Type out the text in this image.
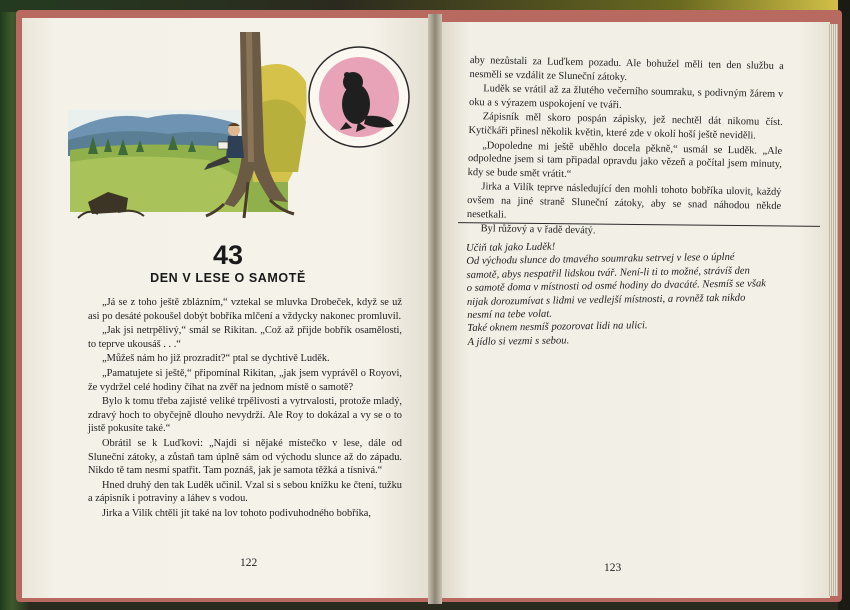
43
DEN V LESE O SAMOTĚ

„Já se z toho ještě zblázním,“ vztekal se mluvka Drobeček, když se už asi po desáté pokoušel dobýt bobříka mlčení a vždycky nakonec promluvil.

„Jak jsi netrpělivý,“ smál se Rikitan. „Což až přijde bobřík osamělosti, to teprve ukousáš . . .“

„Můžeš nám ho již prozradit?“ ptal se dychtivě Luděk.

„Pamatujete si ještě,“ připomínal Rikitan, „jak jsem vyprávěl o Royovi, že vydržel celé hodiny číhat na zvěř na jednom místě o samotě?

Bylo k tomu třeba zajisté veliké trpělivosti a vytrvalosti, protože mladý, zdravý hoch to obyčejně dlouho nevydrží. Ale Roy to dokázal a vy se o to jistě pokusíte také.“

Obrátil se k Luďkovi: „Najdi si nějaké místečko v lese, dále od Sluneční zátoky, a zůstaň tam úplně sám od východu slunce až do západu. Nikdo tě tam nesmí spatřit. Tam poznáš, jak je samota těžká a tísnivá.“

Hned druhý den tak Luděk učinil. Vzal si s sebou knížku ke čtení, tužku a zápisník i potraviny a láhev s vodou.

Jirka a Vilík chtěli jít také na lov tohoto podivuhodného bobříka,

122

aby nezůstali za Luďkem pozadu. Ale bohužel měli ten den službu a nesměli se vzdálit ze Sluneční zátoky.

Luděk se vrátil až za žlutého večerního soumraku, s podivným žárem v oku a s výrazem uspokojení ve tváři.

Zápisník měl skoro pospán zápisky, jež nechtěl dát nikomu číst. Kytičkáři přinesl několik květin, které zde v okolí hoší ještě neviděli.

„Dopoledne mi ještě uběhlo docela pěkně,“ usmál se Luděk. „Ale odpoledne jsem si tam připadal opravdu jako vězeň a počítal jsem minuty, kdy se bude smět vrátit.“

Jirka a Vilík teprve následující den mohli tohoto bobříka ulovit, každý ovšem na jiné straně Sluneční zátoky, aby se snad náhodou někde nesetkali.

Byl růžový a v řadě devátý.

Učiň tak jako Luděk!
Od východu slunce do tmavého soumraku setrvej v lese o úplné
samotě, abys nespatřil lidskou tvář. Není-li ti to možné, strávíš den
o samotě doma v místnosti od osmé hodiny do dvacáté. Nesmíš se však
nijak dorozumívat s lidmi ve vedlejší místnosti, a rovněž tak nikdo
nesmí na tebe volat.
Také oknem nesmíš pozorovat lidi na ulici.
A jídlo si vezmi s sebou.
123
